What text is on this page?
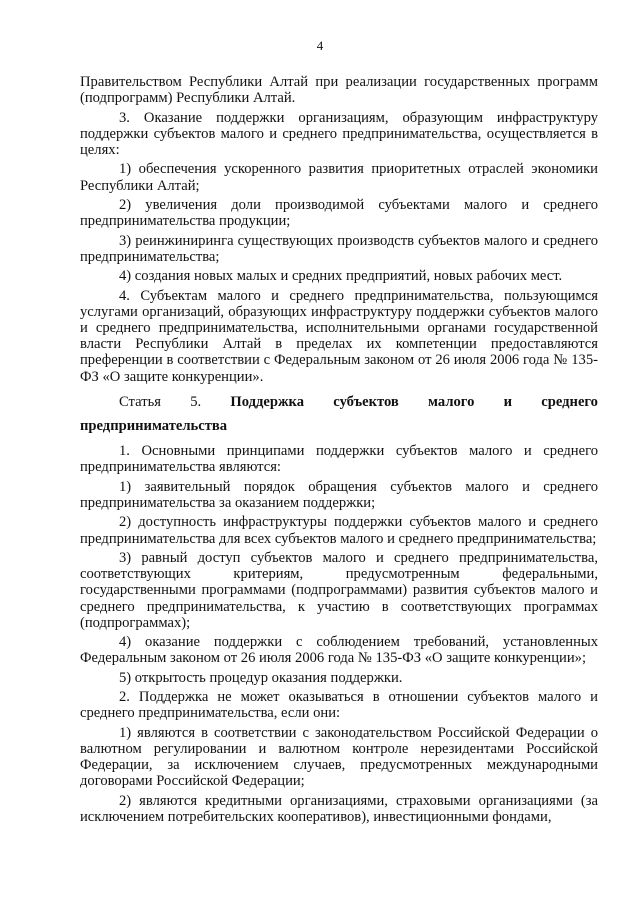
4

Правительством Республики Алтай при реализации государственных программ (подпрограмм) Республики Алтай.

3. Оказание поддержки организациям, образующим инфраструктуру поддержки субъектов малого и среднего предпринимательства, осуществляется в целях:

1) обеспечения ускоренного развития приоритетных отраслей экономики Республики Алтай;

2) увеличения доли производимой субъектами малого и среднего предпринимательства продукции;

3) реинжиниринга существующих производств субъектов малого и среднего предпринимательства;

4) создания новых малых и средних предприятий, новых рабочих мест.

4. Субъектам малого и среднего предпринимательства, пользующимся услугами организаций, образующих инфраструктуру поддержки субъектов малого и среднего предпринимательства, исполнительными органами государственной власти Республики Алтай в пределах их компетенции предоставляются преференции в соответствии с Федеральным законом от 26 июля 2006 года № 135-ФЗ «О защите конкуренции».

Статья 5. Поддержка субъектов малого и среднего

предпринимательства

1. Основными принципами поддержки субъектов малого и среднего предпринимательства являются:

1) заявительный порядок обращения субъектов малого и среднего предпринимательства за оказанием поддержки;

2) доступность инфраструктуры поддержки субъектов малого и среднего предпринимательства для всех субъектов малого и среднего предпринимательства;

3) равный доступ субъектов малого и среднего предпринимательства, соответствующих критериям, предусмотренным федеральными, государственными программами (подпрограммами) развития субъектов малого и среднего предпринимательства, к участию в соответствующих программах (подпрограммах);

4) оказание поддержки с соблюдением требований, установленных Федеральным законом от 26 июля 2006 года № 135-ФЗ «О защите конкуренции»;

5) открытость процедур оказания поддержки.

2. Поддержка не может оказываться в отношении субъектов малого и среднего предпринимательства, если они:

1) являются в соответствии с законодательством Российской Федерации о валютном регулировании и валютном контроле нерезидентами Российской Федерации, за исключением случаев, предусмотренных международными договорами Российской Федерации;

2) являются кредитными организациями, страховыми организациями (за исключением потребительских кооперативов), инвестиционными фондами,
